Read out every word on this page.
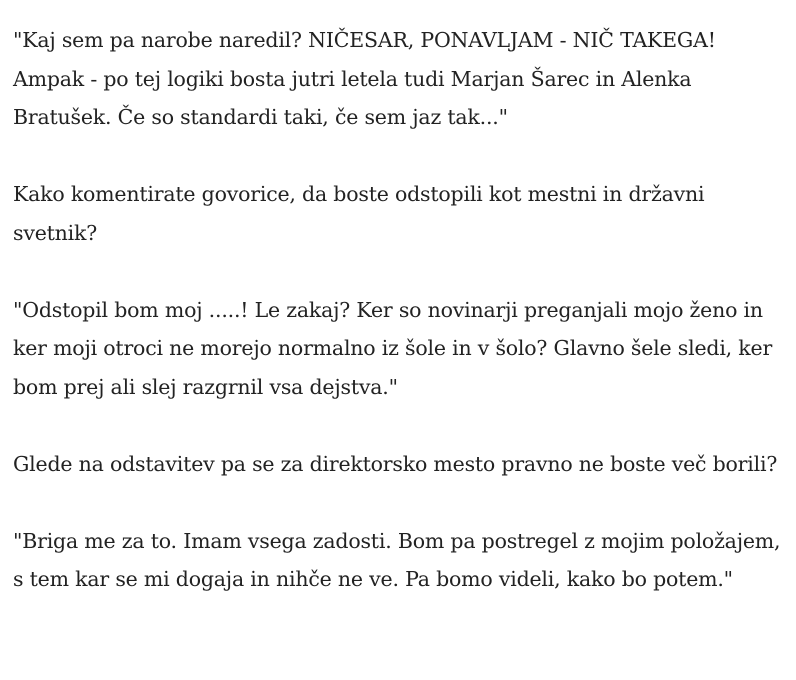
"Kaj sem pa narobe naredil? NIČESAR, PONAVLJAM - NIČ TAKEGA! Ampak - po tej logiki bosta jutri letela tudi Marjan Šarec in Alenka Bratušek. Če so standardi taki, če sem jaz tak..."

Kako komentirate govorice, da boste odstopili kot mestni in državni svetnik?

"Odstopil bom moj .....! Le zakaj? Ker so novinarji preganjali mojo ženo in ker moji otroci ne morejo normalno iz šole in v šolo? Glavno šele sledi, ker bom prej ali slej razgrnil vsa dejstva."

Glede na odstavitev pa se za direktorsko mesto pravno ne boste več borili?

"Briga me za to. Imam vsega zadosti. Bom pa postregel z mojim položajem, s tem kar se mi dogaja in nihče ne ve. Pa bomo videli, kako bo potem."
